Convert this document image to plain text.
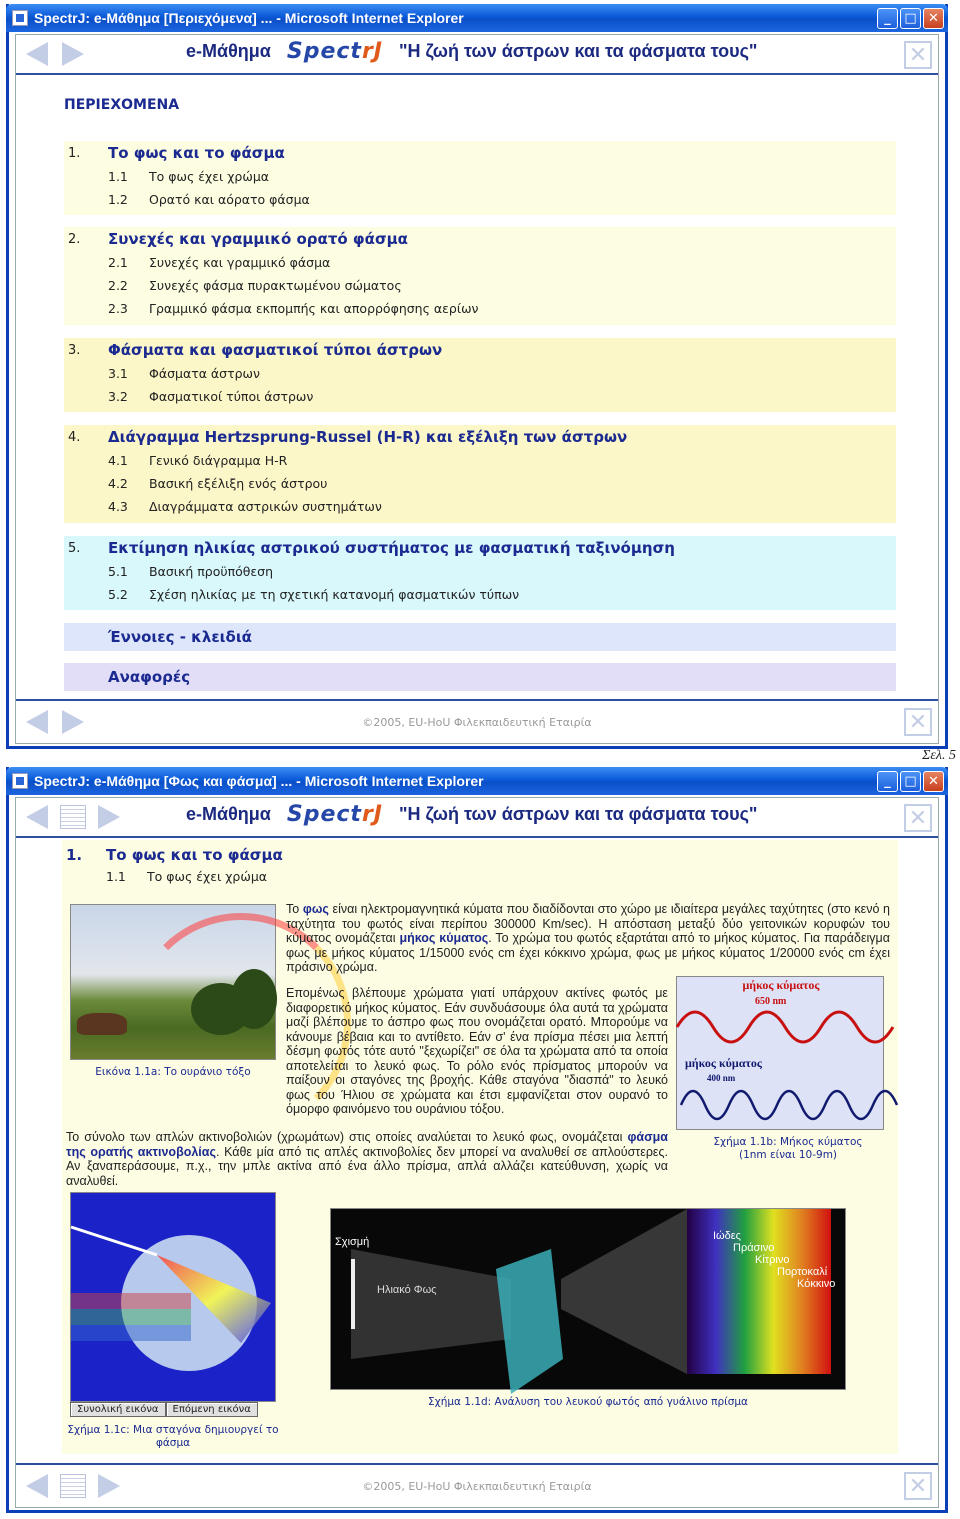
SpectrJ: e-Μάθημα [Περιεχόμενα] ... - Microsoft Internet Explorer	_	□ ✕
e-Μάθημα SpectrJ "Η ζωή των άστρων και τα φάσματα τους"	✕
ΠΕΡΙΕΧΟΜΕΝΑ
1.	Το φως και το φάσμα
1.1	Το φως έχει χρώμα
1.2	Ορατό και αόρατο φάσμα
2.	Συνεχές και γραμμικό ορατό φάσμα
2.1	Συνεχές και γραμμικό φάσμα
2.2	Συνεχές φάσμα πυρακτωμένου σώματος
2.3	Γραμμικό φάσμα εκπομπής και απορρόφησης αερίων
3.	Φάσματα και φασματικοί τύποι άστρων
3.1	Φάσματα άστρων
3.2	Φασματικοί τύποι άστρων
4.	Διάγραμμα Hertzsprung-Russel (H-R) και εξέλιξη των άστρων
4.1	Γενικό διάγραμμα H-R
4.2	Βασική εξέλιξη ενός άστρου
4.3	Διαγράμματα αστρικών συστημάτων
5.	Εκτίμηση ηλικίας αστρικού συστήματος με φασματική ταξινόμηση
5.1	Βασική προϋπόθεση
5.2	Σχέση ηλικίας με τη σχετική κατανομή φασματικών τύπων
Έννοιες - κλειδιά
Αναφορές
©2005, EU-HoU Φιλεκπαιδευτική Εταιρία	✕
Σελ. 5
SpectrJ: e-Μάθημα [Φως και φάσμα] ... - Microsoft Internet Explorer	_	□ ✕
e-Μάθημα SpectrJ "Η ζωή των άστρων και τα φάσματα τους"	✕
1.	Το φως και το φάσμα
1.1	Το φως έχει χρώμα
Εικόνα 1.1a: Το ουράνιο τόξο
Το φως είναι ηλεκτρομαγνητικά κύματα που διαδίδονται στο χώρο με ιδιαίτερα μεγάλες ταχύτητες (στο κενό η ταχύτητα του φωτός είναι περίπου 300000 Km/sec). Η απόσταση μεταξύ δύο γειτονικών κορυφών του κύματος ονομάζεται μήκος κύματος. Το χρώμα του φωτός εξαρτάται από το μήκος κύματος. Για παράδειγμα φως με μήκος κύματος 1/15000 ενός cm έχει κόκκινο χρώμα, φως με μήκος κύματος 1/20000 ενός cm έχει πράσινο χρώμα.
Επομένως βλέπουμε χρώματα γιατί υπάρχουν ακτίνες φωτός με διαφορετικό μήκος κύματος. Εάν συνδυάσουμε όλα αυτά τα χρώματα μαζί βλέπουμε το άσπρο φως που ονομάζεται ορατό. Μπορούμε να κάνουμε βέβαια και το αντίθετο. Εάν σ' ένα πρίσμα πέσει μια λεπτή δέσμη φωτός τότε αυτό "ξεχωρίζει" σε όλα τα χρώματα από τα οποία αποτελείται το λευκό φως. Το ρόλο ενός πρίσματος μπορούν να παίξουν οι σταγόνες της βροχής. Κάθε σταγόνα "διασπά" το λευκό φως του Ήλιου σε χρώματα και έτσι εμφανίζεται στον ουρανό το όμορφο φαινόμενο του ουράνιου τόξου.
μήκος κύματος
650 nm
μήκος κύματος
400 nm
Σχήμα 1.1b: Μήκος κύματος
(1nm είναι 10-9m)
Το σύνολο των απλών ακτινοβολιών (χρωμάτων) στις οποίες αναλύεται το λευκό φως, ονομάζεται φάσμα της ορατής ακτινοβολίας. Κάθε μία από τις απλές ακτινοβολίες δεν μπορεί να αναλυθεί σε απλούστερες. Αν ξαναπεράσουμε, π.χ., την μπλε ακτίνα από ένα άλλο πρίσμα, απλά αλλάζει κατεύθυνση, χωρίς να αναλυθεί.
Συνολική εικόνα	Επόμενη εικόνα
Σχήμα 1.1c: Μια σταγόνα δημιουργεί το φάσμα
Σχισμή
Ηλιακό Φως
Ιώδες
Πράσινο
Κίτρινο
Πορτοκαλί
Κόκκινο
Σχήμα 1.1d: Ανάλυση του λευκού φωτός από γυάλινο πρίσμα
©2005, EU-HoU Φιλεκπαιδευτική Εταιρία	✕
